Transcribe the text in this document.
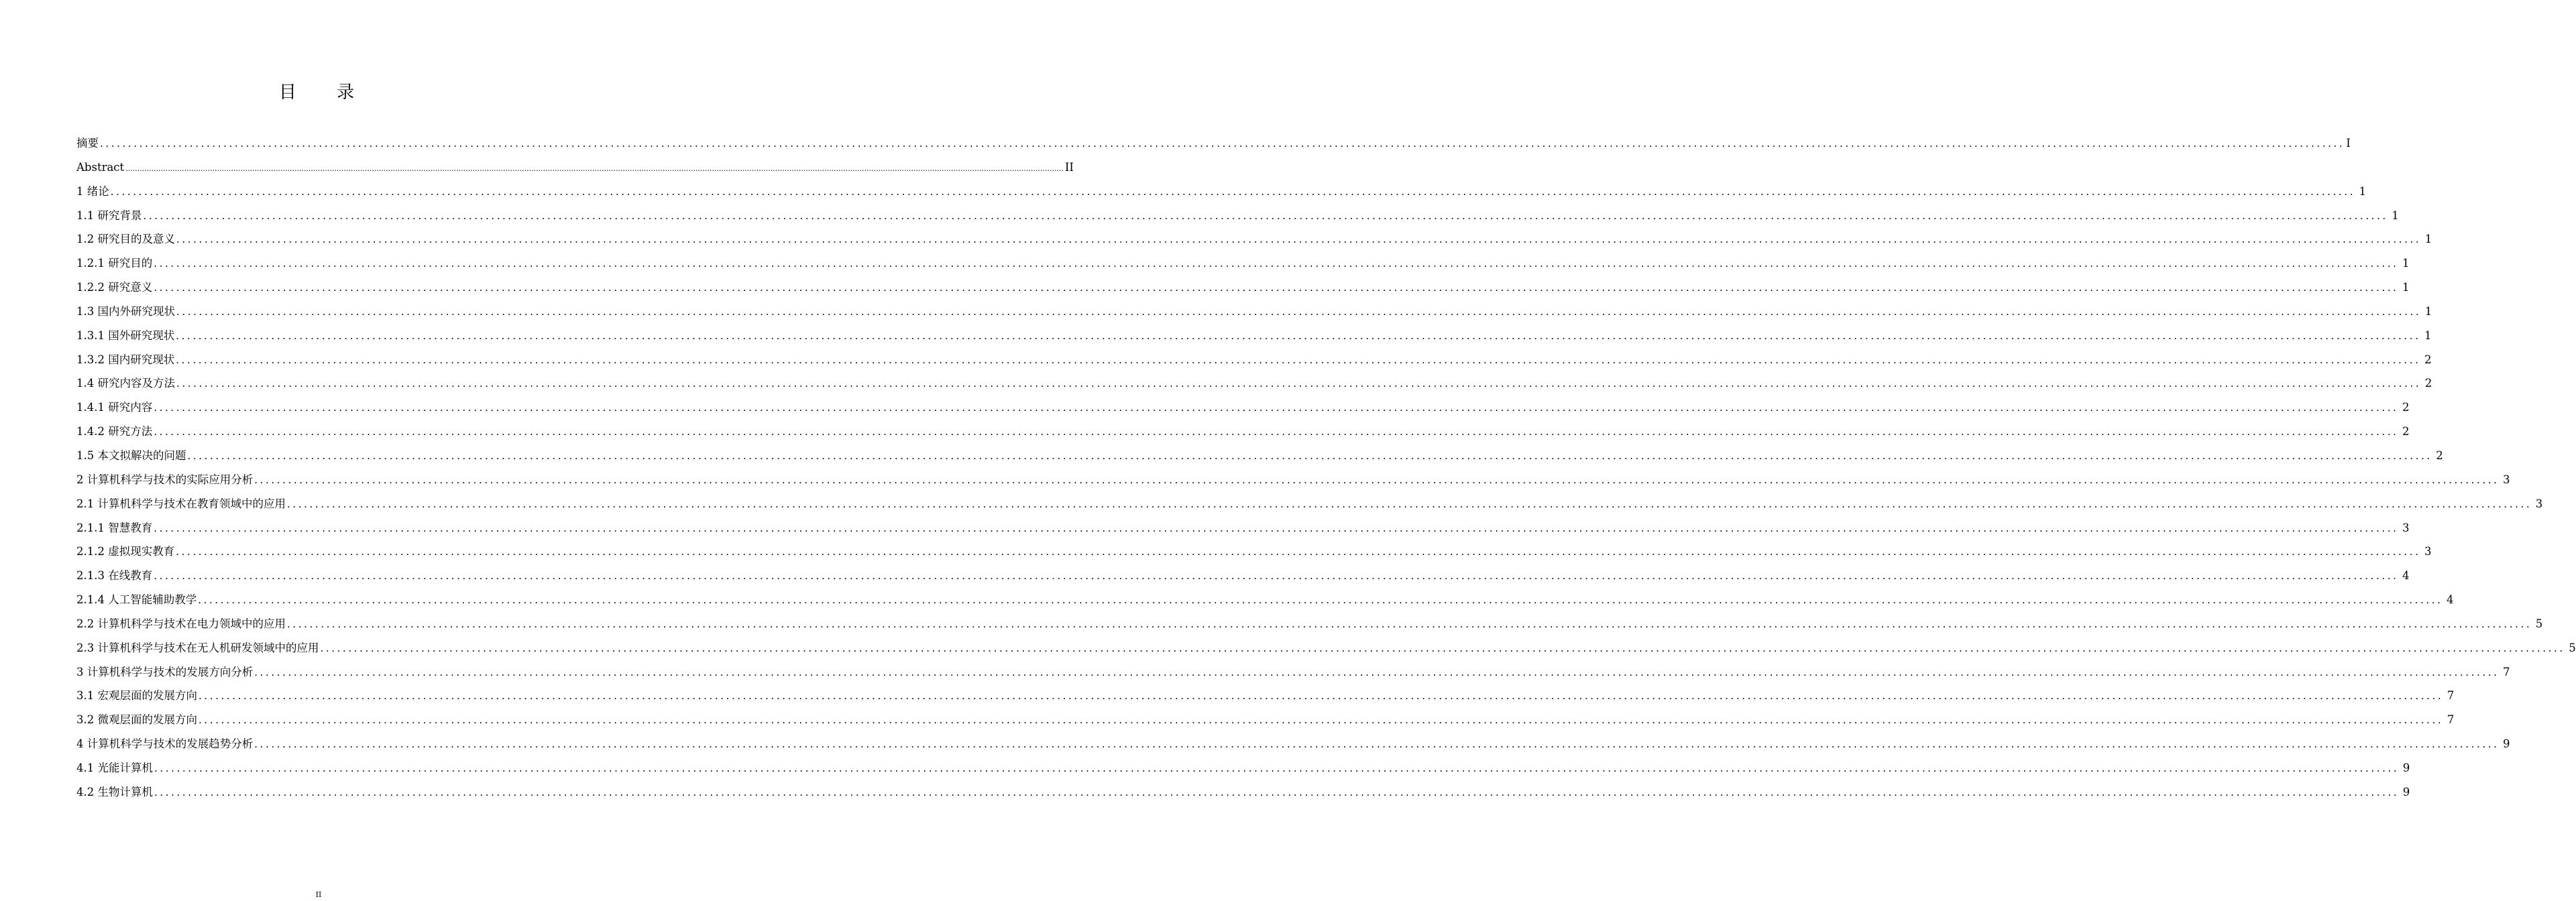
目 录
摘要 ................................................................................................................................................................................................................................................................................................................................................................................................................ I
Abstract ................................................................................................................................................................................................................................................................................................................................................................................................................ II
1 绪论 ................................................................................................................................................................................................................................................................................................................................................................................................................ 1
1.1 研究背景 ................................................................................................................................................................................................................................................................................................................................................................................................................ 1
1.2 研究目的及意义 ................................................................................................................................................................................................................................................................................................................................................................................................................ 1
1.2.1 研究目的 ................................................................................................................................................................................................................................................................................................................................................................................................................ 1
1.2.2 研究意义 ................................................................................................................................................................................................................................................................................................................................................................................................................ 1
1.3 国内外研究现状 ................................................................................................................................................................................................................................................................................................................................................................................................................ 1
1.3.1 国外研究现状 ................................................................................................................................................................................................................................................................................................................................................................................................................ 1
1.3.2 国内研究现状 ................................................................................................................................................................................................................................................................................................................................................................................................................ 2
1.4 研究内容及方法 ................................................................................................................................................................................................................................................................................................................................................................................................................ 2
1.4.1 研究内容 ................................................................................................................................................................................................................................................................................................................................................................................................................ 2
1.4.2 研究方法 ................................................................................................................................................................................................................................................................................................................................................................................................................ 2
1.5 本文拟解决的问题 ................................................................................................................................................................................................................................................................................................................................................................................................................ 2
2 计算机科学与技术的实际应用分析 ................................................................................................................................................................................................................................................................................................................................................................................................................ 3
2.1 计算机科学与技术在教育领域中的应用 ................................................................................................................................................................................................................................................................................................................................................................................................................ 3
2.1.1 智慧教育 ................................................................................................................................................................................................................................................................................................................................................................................................................ 3
2.1.2 虚拟现实教育 ................................................................................................................................................................................................................................................................................................................................................................................................................ 3
2.1.3 在线教育 ................................................................................................................................................................................................................................................................................................................................................................................................................ 4
2.1.4 人工智能辅助教学 ................................................................................................................................................................................................................................................................................................................................................................................................................ 4
2.2 计算机科学与技术在电力领域中的应用 ................................................................................................................................................................................................................................................................................................................................................................................................................ 5
2.3 计算机科学与技术在无人机研发领域中的应用 ................................................................................................................................................................................................................................................................................................................................................................................................................ 5
3 计算机科学与技术的发展方向分析 ................................................................................................................................................................................................................................................................................................................................................................................................................ 7
3.1 宏观层面的发展方向 ................................................................................................................................................................................................................................................................................................................................................................................................................ 7
3.2 微观层面的发展方向 ................................................................................................................................................................................................................................................................................................................................................................................................................ 7
4 计算机科学与技术的发展趋势分析 ................................................................................................................................................................................................................................................................................................................................................................................................................ 9
4.1 光能计算机 ................................................................................................................................................................................................................................................................................................................................................................................................................ 9
4.2 生物计算机 ................................................................................................................................................................................................................................................................................................................................................................................................................ 9
II
